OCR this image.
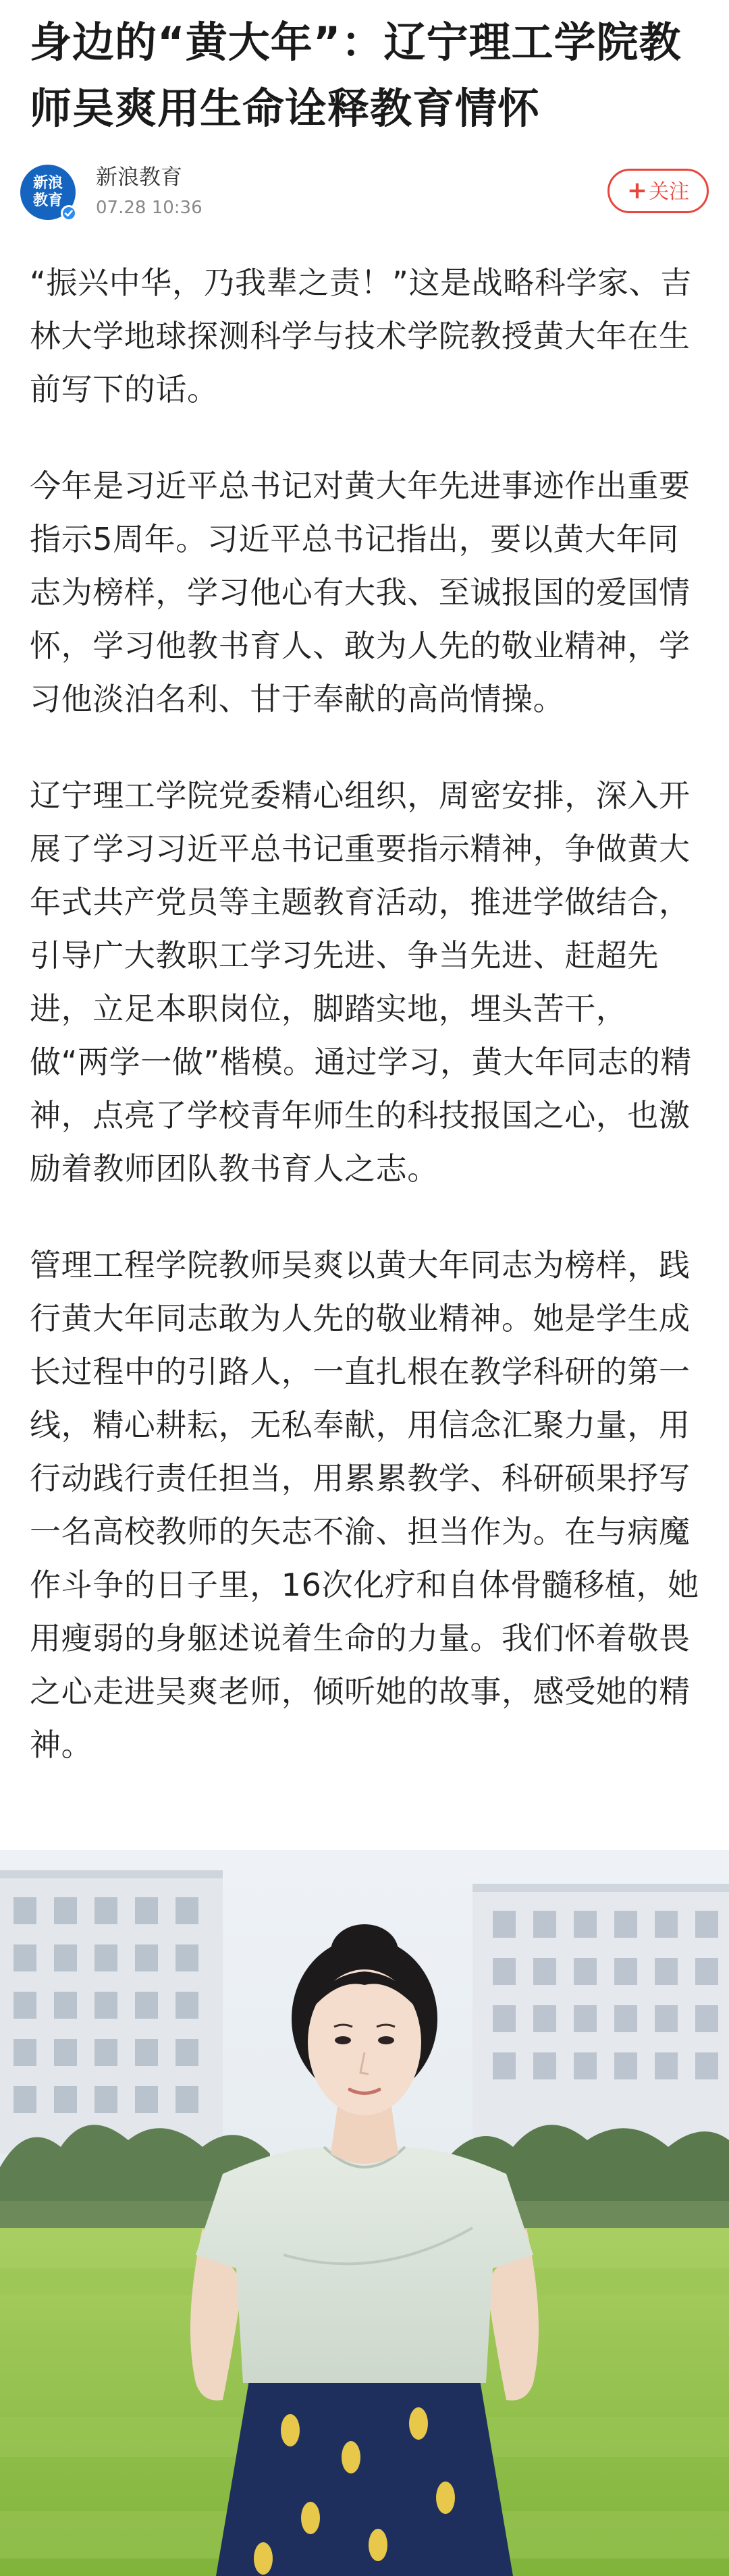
身边的“黄大年”：辽宁理工学院教师吴爽用生命诠释教育情怀
新浪教育
新浪教育
07.28 10:36
+关注

“振兴中华，乃我辈之责！”这是战略科学家、吉林大学地球探测科学与技术学院教授黄大年在生前写下的话。

今年是习近平总书记对黄大年先进事迹作出重要指示5周年。习近平总书记指出，要以黄大年同志为榜样，学习他心有大我、至诚报国的爱国情怀，学习他教书育人、敢为人先的敬业精神，学习他淡泊名利、甘于奉献的高尚情操。

辽宁理工学院党委精心组织，周密安排，深入开展了学习习近平总书记重要指示精神，争做黄大年式共产党员等主题教育活动，推进学做结合，引导广大教职工学习先进、争当先进、赶超先进，立足本职岗位，脚踏实地，埋头苦干，做“两学一做”楷模。通过学习，黄大年同志的精神，点亮了学校青年师生的科技报国之心，也激励着教师团队教书育人之志。

管理工程学院教师吴爽以黄大年同志为榜样，践行黄大年同志敢为人先的敬业精神。她是学生成长过程中的引路人，一直扎根在教学科研的第一线，精心耕耘，无私奉献，用信念汇聚力量，用行动践行责任担当，用累累教学、科研硕果抒写一名高校教师的矢志不渝、担当作为。在与病魔作斗争的日子里，16次化疗和自体骨髓移植，她用瘦弱的身躯述说着生命的力量。我们怀着敬畏之心走进吴爽老师，倾听她的故事，感受她的精神。
